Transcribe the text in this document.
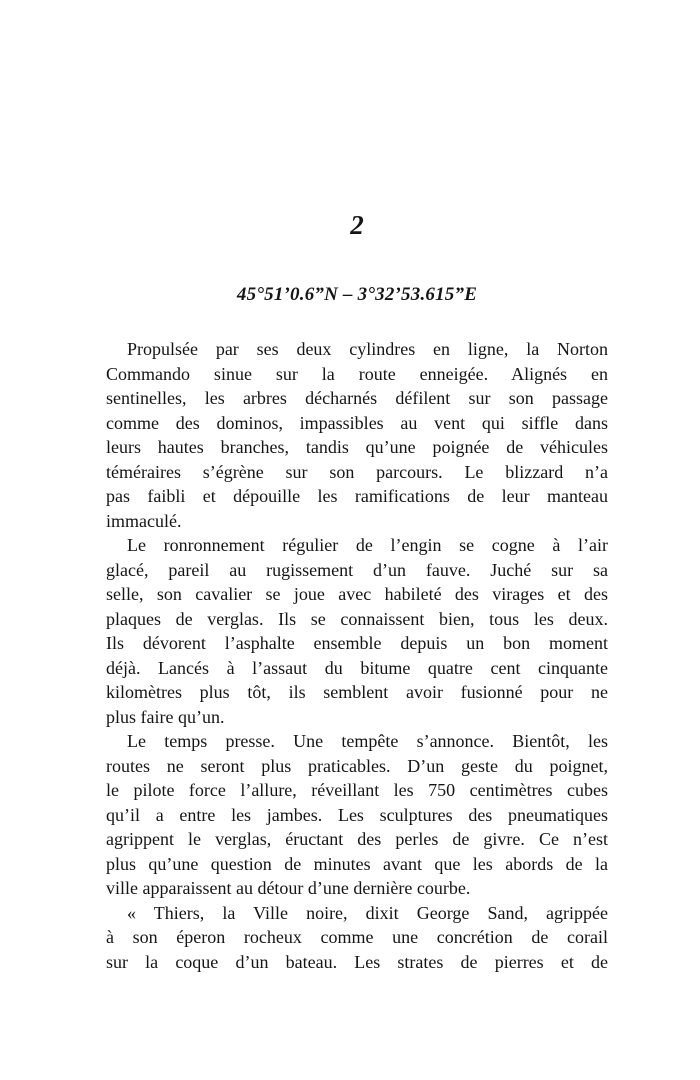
2
45°51’0.6”N – 3°32’53.615”E
Propulsée par ses deux cylindres en ligne, la Norton
Commando sinue sur la route enneigée. Alignés en
sentinelles, les arbres décharnés défilent sur son passage
comme des dominos, impassibles au vent qui siffle dans
leurs hautes branches, tandis qu’une poignée de véhicules
téméraires s’égrène sur son parcours. Le blizzard n’a
pas faibli et dépouille les ramifications de leur manteau
immaculé.
Le ronronnement régulier de l’engin se cogne à l’air
glacé, pareil au rugissement d’un fauve. Juché sur sa
selle, son cavalier se joue avec habileté des virages et des
plaques de verglas. Ils se connaissent bien, tous les deux.
Ils dévorent l’asphalte ensemble depuis un bon moment
déjà. Lancés à l’assaut du bitume quatre cent cinquante
kilomètres plus tôt, ils semblent avoir fusionné pour ne
plus faire qu’un.
Le temps presse. Une tempête s’annonce. Bientôt, les
routes ne seront plus praticables. D’un geste du poignet,
le pilote force l’allure, réveillant les 750 centimètres cubes
qu’il a entre les jambes. Les sculptures des pneumatiques
agrippent le verglas, éructant des perles de givre. Ce n’est
plus qu’une question de minutes avant que les abords de la
ville apparaissent au détour d’une dernière courbe.
« Thiers, la Ville noire, dixit George Sand, agrippée
à son éperon rocheux comme une concrétion de corail
sur la coque d’un bateau. Les strates de pierres et de
